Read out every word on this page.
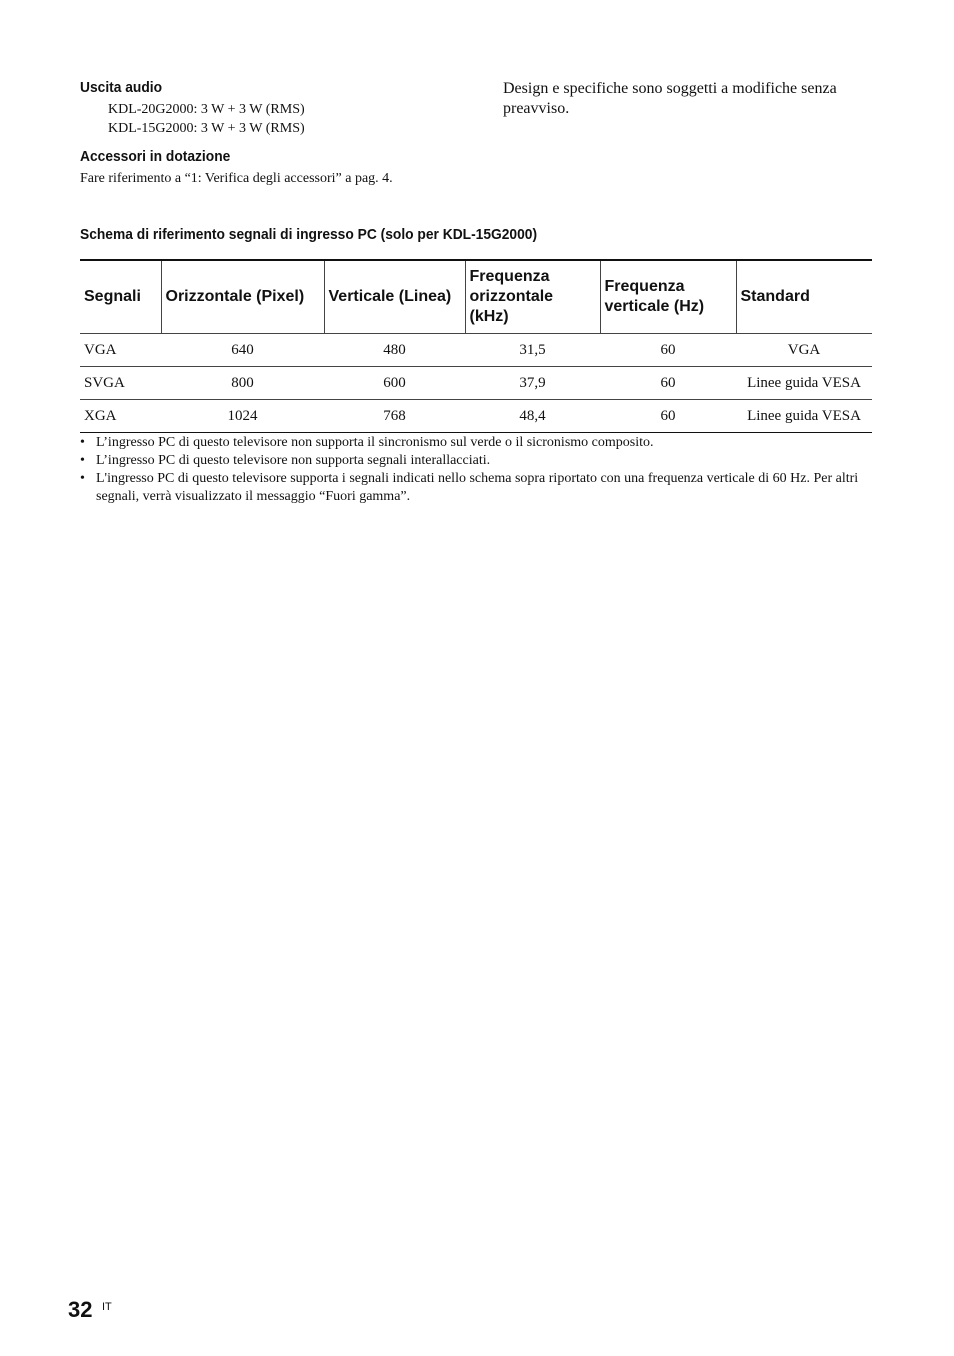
Uscita audio
KDL-20G2000: 3 W + 3 W (RMS)
KDL-15G2000: 3 W + 3 W (RMS)
Accessori in dotazione
Fare riferimento a “1: Verifica degli accessori” a pag. 4.
Design e specifiche sono soggetti a modifiche senza preavviso.
Schema di riferimento segnali di ingresso PC (solo per KDL-15G2000)
Segnali	Orizzontale (Pixel)	Verticale (Linea)	Frequenza orizzontale (kHz)	Frequenza verticale (Hz)	Standard
VGA	640	480	31,5	60	VGA
SVGA	800	600	37,9	60	Linee guida VESA
XGA	1024	768	48,4	60	Linee guida VESA
• L’ingresso PC di questo televisore non supporta il sincronismo sul verde o il sicronismo composito.
• L’ingresso PC di questo televisore non supporta segnali interallacciati.
• L'ingresso PC di questo televisore supporta i segnali indicati nello schema sopra riportato con una frequenza verticale di 60 Hz. Per altri segnali, verrà visualizzato il messaggio “Fuori gamma”.
32 IT
